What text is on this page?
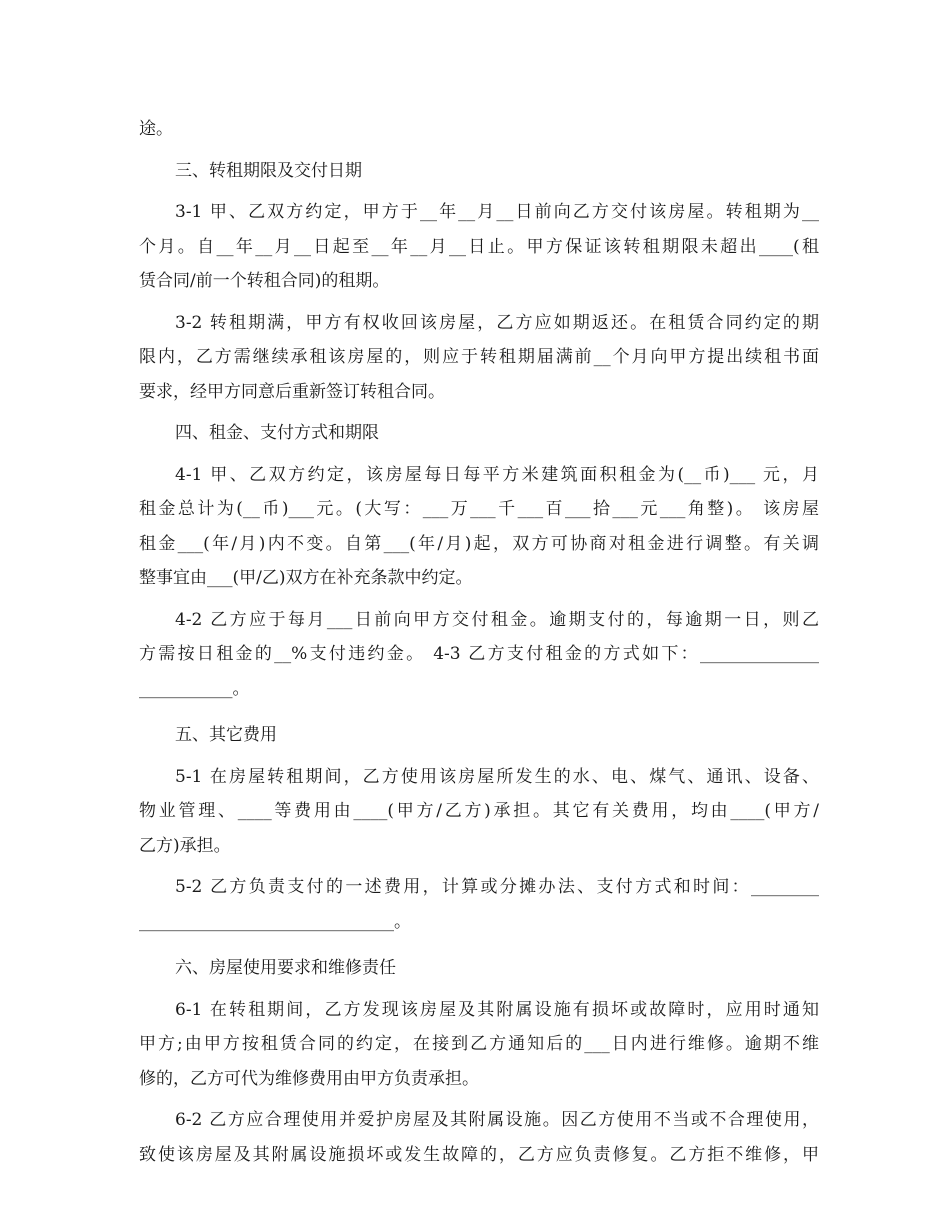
途。
三、转租期限及交付日期
3-1 甲、乙双方约定，甲方于__年__月__日前向乙方交付该房屋。转租期为__
个月。自__年__月__日起至__年__月__日止。甲方保证该转租期限未超出____(租
赁合同/前一个转租合同)的租期。
3-2 转租期满，甲方有权收回该房屋，乙方应如期返还。在租赁合同约定的期
限内，乙方需继续承租该房屋的，则应于转租期届满前__个月向甲方提出续租书面
要求，经甲方同意后重新签订转租合同。
四、租金、支付方式和期限
4-1 甲、乙双方约定，该房屋每日每平方米建筑面积租金为(__币)___ 元，月
租金总计为(__币)___元。(大写：___万___千___百___拾___元___角整)。 该房屋
租金___(年/月)内不变。自第___(年/月)起，双方可协商对租金进行调整。有关调
整事宜由___(甲/乙)双方在补充条款中约定。
4-2 乙方应于每月___日前向甲方交付租金。逾期支付的，每逾期一日，则乙
方需按日租金的__%支付违约金。 4-3 乙方支付租金的方式如下：______________
___________。
五、其它费用
5-1 在房屋转租期间，乙方使用该房屋所发生的水、电、煤气、通讯、设备、
物业管理、____等费用由____(甲方/乙方)承担。其它有关费用，均由____(甲方/
乙方)承担。
5-2 乙方负责支付的一述费用，计算或分摊办法、支付方式和时间：________
______________________________。
六、房屋使用要求和维修责任
6-1 在转租期间，乙方发现该房屋及其附属设施有损坏或故障时，应用时通知
甲方;由甲方按租赁合同的约定，在接到乙方通知后的___日内进行维修。逾期不维
修的，乙方可代为维修费用由甲方负责承担。
6-2 乙方应合理使用并爱护房屋及其附属设施。因乙方使用不当或不合理使用，
致使该房屋及其附属设施损坏或发生故障的，乙方应负责修复。乙方拒不维修，甲
